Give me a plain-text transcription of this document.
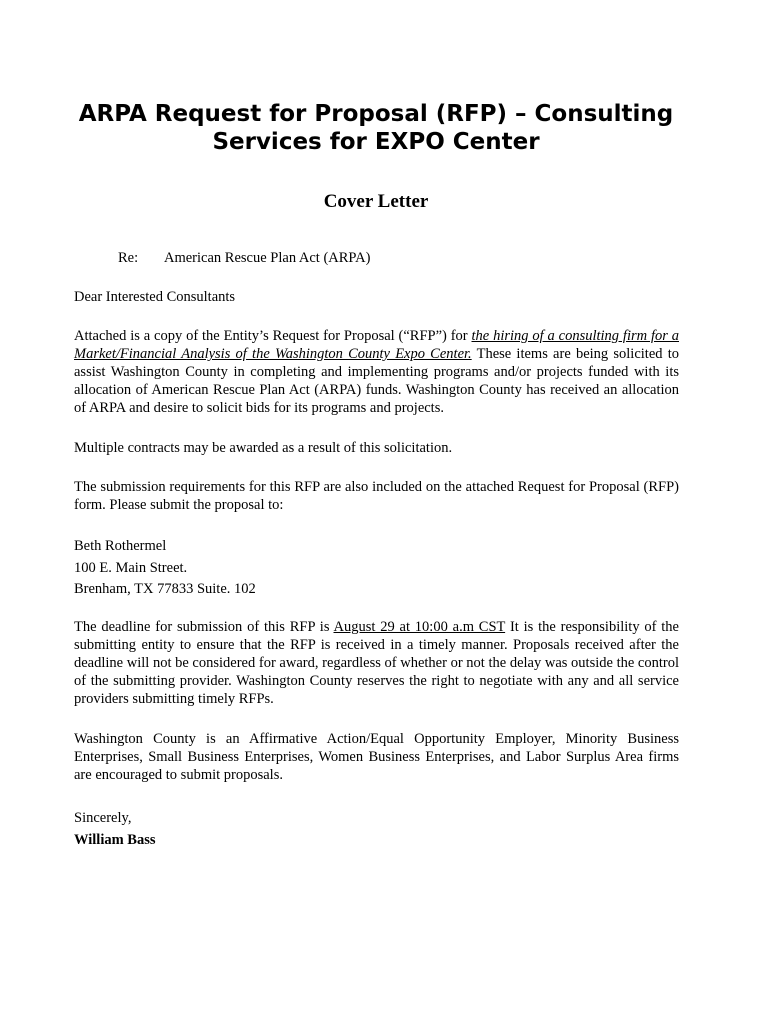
ARPA Request for Proposal (RFP) – Consulting Services for EXPO Center
Cover Letter
Re: American Rescue Plan Act (ARPA)

Dear Interested Consultants

Attached is a copy of the Entity’s Request for Proposal (“RFP”) for the hiring of a consulting firm for a Market/Financial Analysis of the Washington County Expo Center. These items are being solicited to assist Washington County in completing and implementing programs and/or projects funded with its allocation of American Rescue Plan Act (ARPA) funds. Washington County has received an allocation of ARPA and desire to solicit bids for its programs and projects.

Multiple contracts may be awarded as a result of this solicitation.

The submission requirements for this RFP are also included on the attached Request for Proposal (RFP) form. Please submit the proposal to:

Beth Rothermel
100 E. Main Street.
Brenham, TX 77833 Suite. 102

The deadline for submission of this RFP is August 29 at 10:00 a.m CST It is the responsibility of the submitting entity to ensure that the RFP is received in a timely manner. Proposals received after the deadline will not be considered for award, regardless of whether or not the delay was outside the control of the submitting provider. Washington County reserves the right to negotiate with any and all service providers submitting timely RFPs.

Washington County is an Affirmative Action/Equal Opportunity Employer, Minority Business Enterprises, Small Business Enterprises, Women Business Enterprises, and Labor Surplus Area firms are encouraged to submit proposals.

Sincerely,
William Bass
